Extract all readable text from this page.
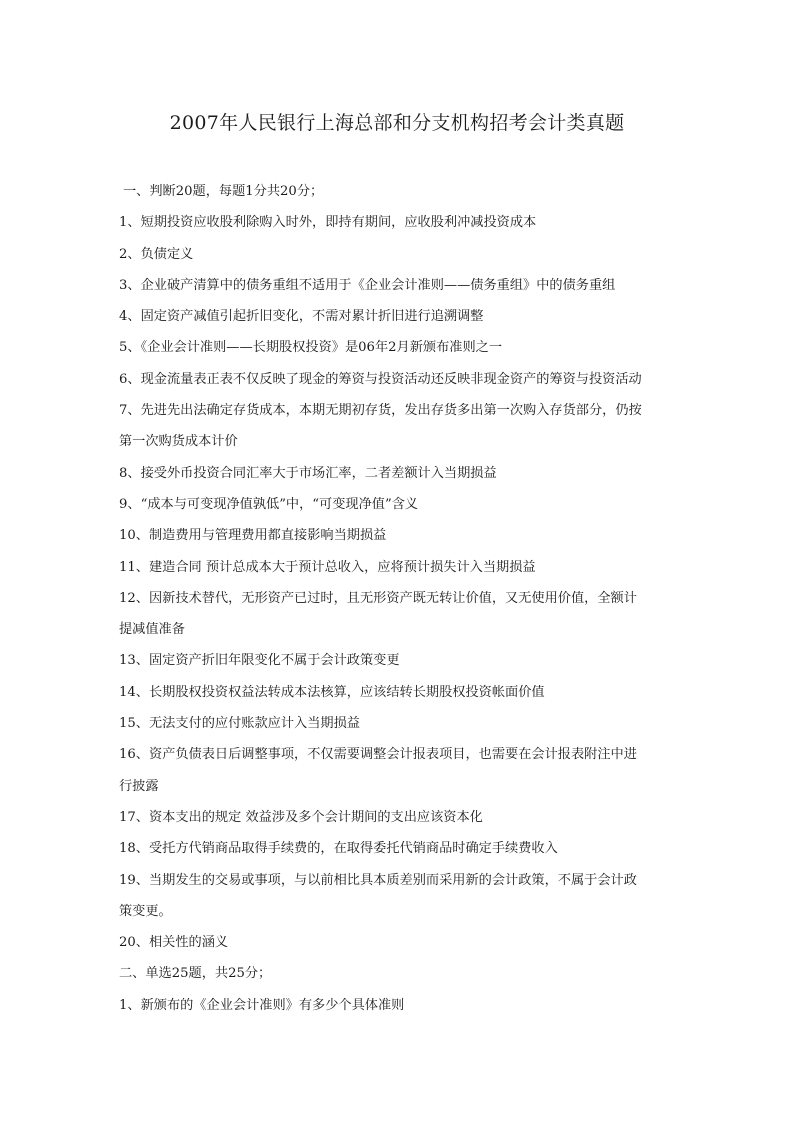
2007年人民银行上海总部和分支机构招考会计类真题
一、判断20题，每题1分共20分；
1、短期投资应收股利除购入时外，即持有期间，应收股利冲减投资成本
2、负债定义
3、企业破产清算中的债务重组不适用于《企业会计准则——债务重组》中的债务重组
4、固定资产减值引起折旧变化，不需对累计折旧进行追溯调整
5、《企业会计准则——长期股权投资》是06年2月新颁布准则之一
6、现金流量表正表不仅反映了现金的筹资与投资活动还反映非现金资产的筹资与投资活动
7、先进先出法确定存货成本，本期无期初存货，发出存货多出第一次购入存货部分，仍按
第一次购货成本计价
8、接受外币投资合同汇率大于市场汇率，二者差额计入当期损益
9、“成本与可变现净值孰低”中，“可变现净值”含义
10、制造费用与管理费用都直接影响当期损益
11、建造合同 预计总成本大于预计总收入，应将预计损失计入当期损益
12、因新技术替代，无形资产已过时，且无形资产既无转让价值，又无使用价值，全额计
提减值准备
13、固定资产折旧年限变化不属于会计政策变更
14、长期股权投资权益法转成本法核算，应该结转长期股权投资帐面价值
15、无法支付的应付账款应计入当期损益
16、资产负债表日后调整事项，不仅需要调整会计报表项目，也需要在会计报表附注中进
行披露
17、资本支出的规定 效益涉及多个会计期间的支出应该资本化
18、受托方代销商品取得手续费的，在取得委托代销商品时确定手续费收入
19、当期发生的交易或事项，与以前相比具本质差别而采用新的会计政策，不属于会计政
策变更。
20、相关性的涵义
二、单选25题，共25分；
1、新颁布的《企业会计准则》有多少个具体准则
